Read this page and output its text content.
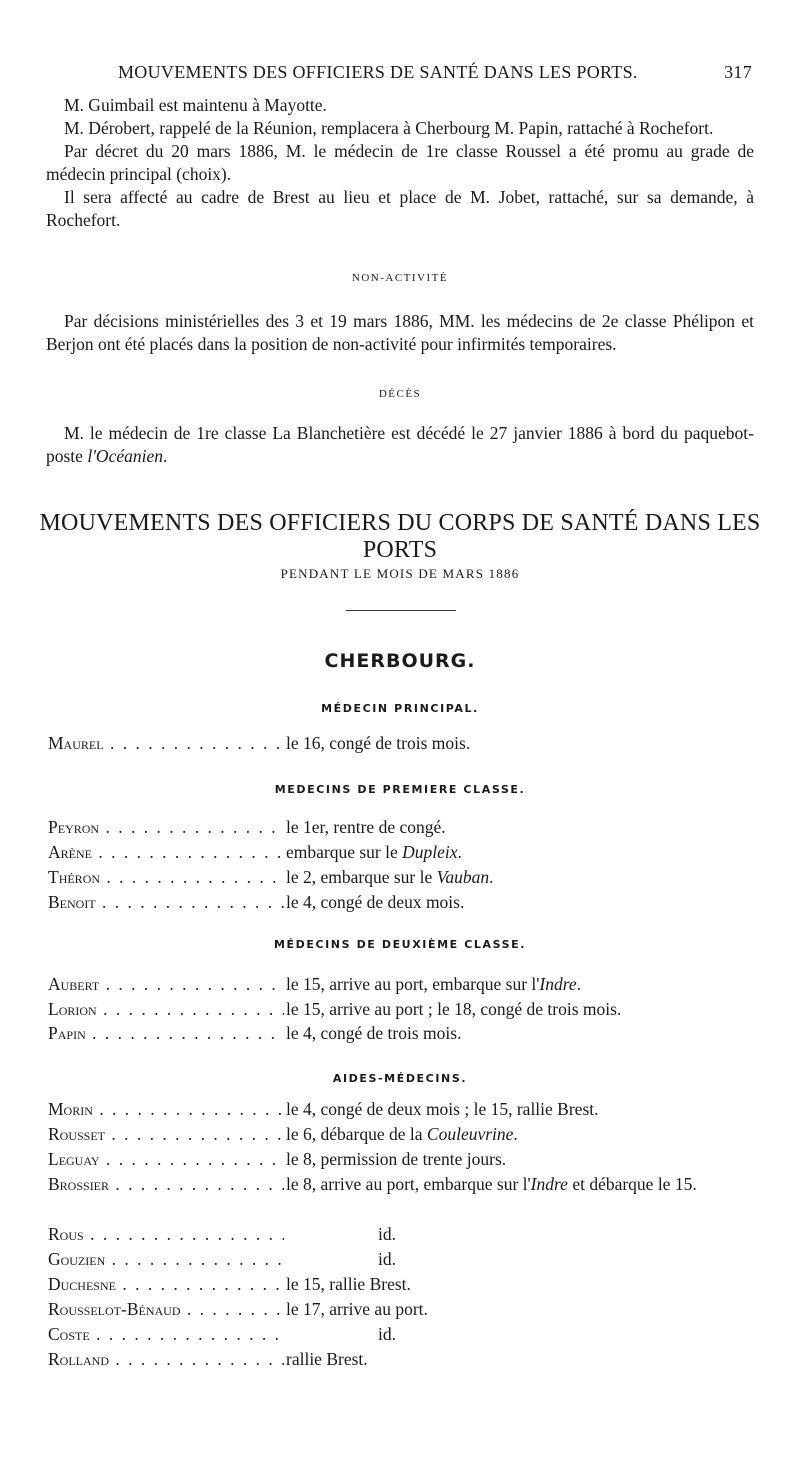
MOUVEMENTS DES OFFICIERS DE SANTÉ DANS LES PORTS.	317

M. Guimbail est maintenu à Mayotte.

M. Dérobert, rappelé de la Réunion, remplacera à Cherbourg M. Papin, rattaché à Rochefort.

Par décret du 20 mars 1886, M. le médecin de 1re classe Roussel a été promu au grade de médecin principal (choix).

Il sera affecté au cadre de Brest au lieu et place de M. Jobet, rattaché, sur sa demande, à Rochefort.

NON-ACTIVITÉ

Par décisions ministérielles des 3 et 19 mars 1886, MM. les médecins de 2e classe Phélipon et Berjon ont été placés dans la position de non-activité pour infirmités temporaires.

DÉCÈS

M. le médecin de 1re classe La Blanchetière est décédé le 27 janvier 1886 à bord du paquebot-poste l'Océanien.

MOUVEMENTS DES OFFICIERS DU CORPS DE SANTÉ DANS LES PORTS
PENDANT LE MOIS DE MARS 1886
CHERBOURG.
MÉDECIN PRINCIPAL.
Maurel . . .	le 16, congé de trois mois.
MEDECINS DE PREMIERE CLASSE.
Peyron . . .	le 1er, rentre de congé.
Arène . . .	embarque sur le Dupleix.
Théron . . .	le 2, embarque sur le Vauban.
Benoit . . .	le 4, congé de deux mois.
MÉDECINS DE DEUXIÈME CLASSE.
Aubert . . .	le 15, arrive au port, embarque sur l'Indre.
Lorion . . .	le 15, arrive au port ; le 18, congé de trois mois.
Papin . . .	le 4, congé de trois mois.
AIDES-MÉDECINS.
Morin . . .	le 4, congé de deux mois ; le 15, rallie Brest.
Rousset . . .	le 6, débarque de la Couleuvrine.
Leguay . . .	le 8, permission de trente jours.
Brossier . . .	le 8, arrive au port, embarque sur l'Indre et débarque le 15.
Rous . . .	id.
Gouzien . . .	id.
Duchesne . . .	le 15, rallie Brest.
Rousselot-Bénaud . . .	le 17, arrive au port.
Coste . . .	id.
Rolland . . .	rallie Brest.
